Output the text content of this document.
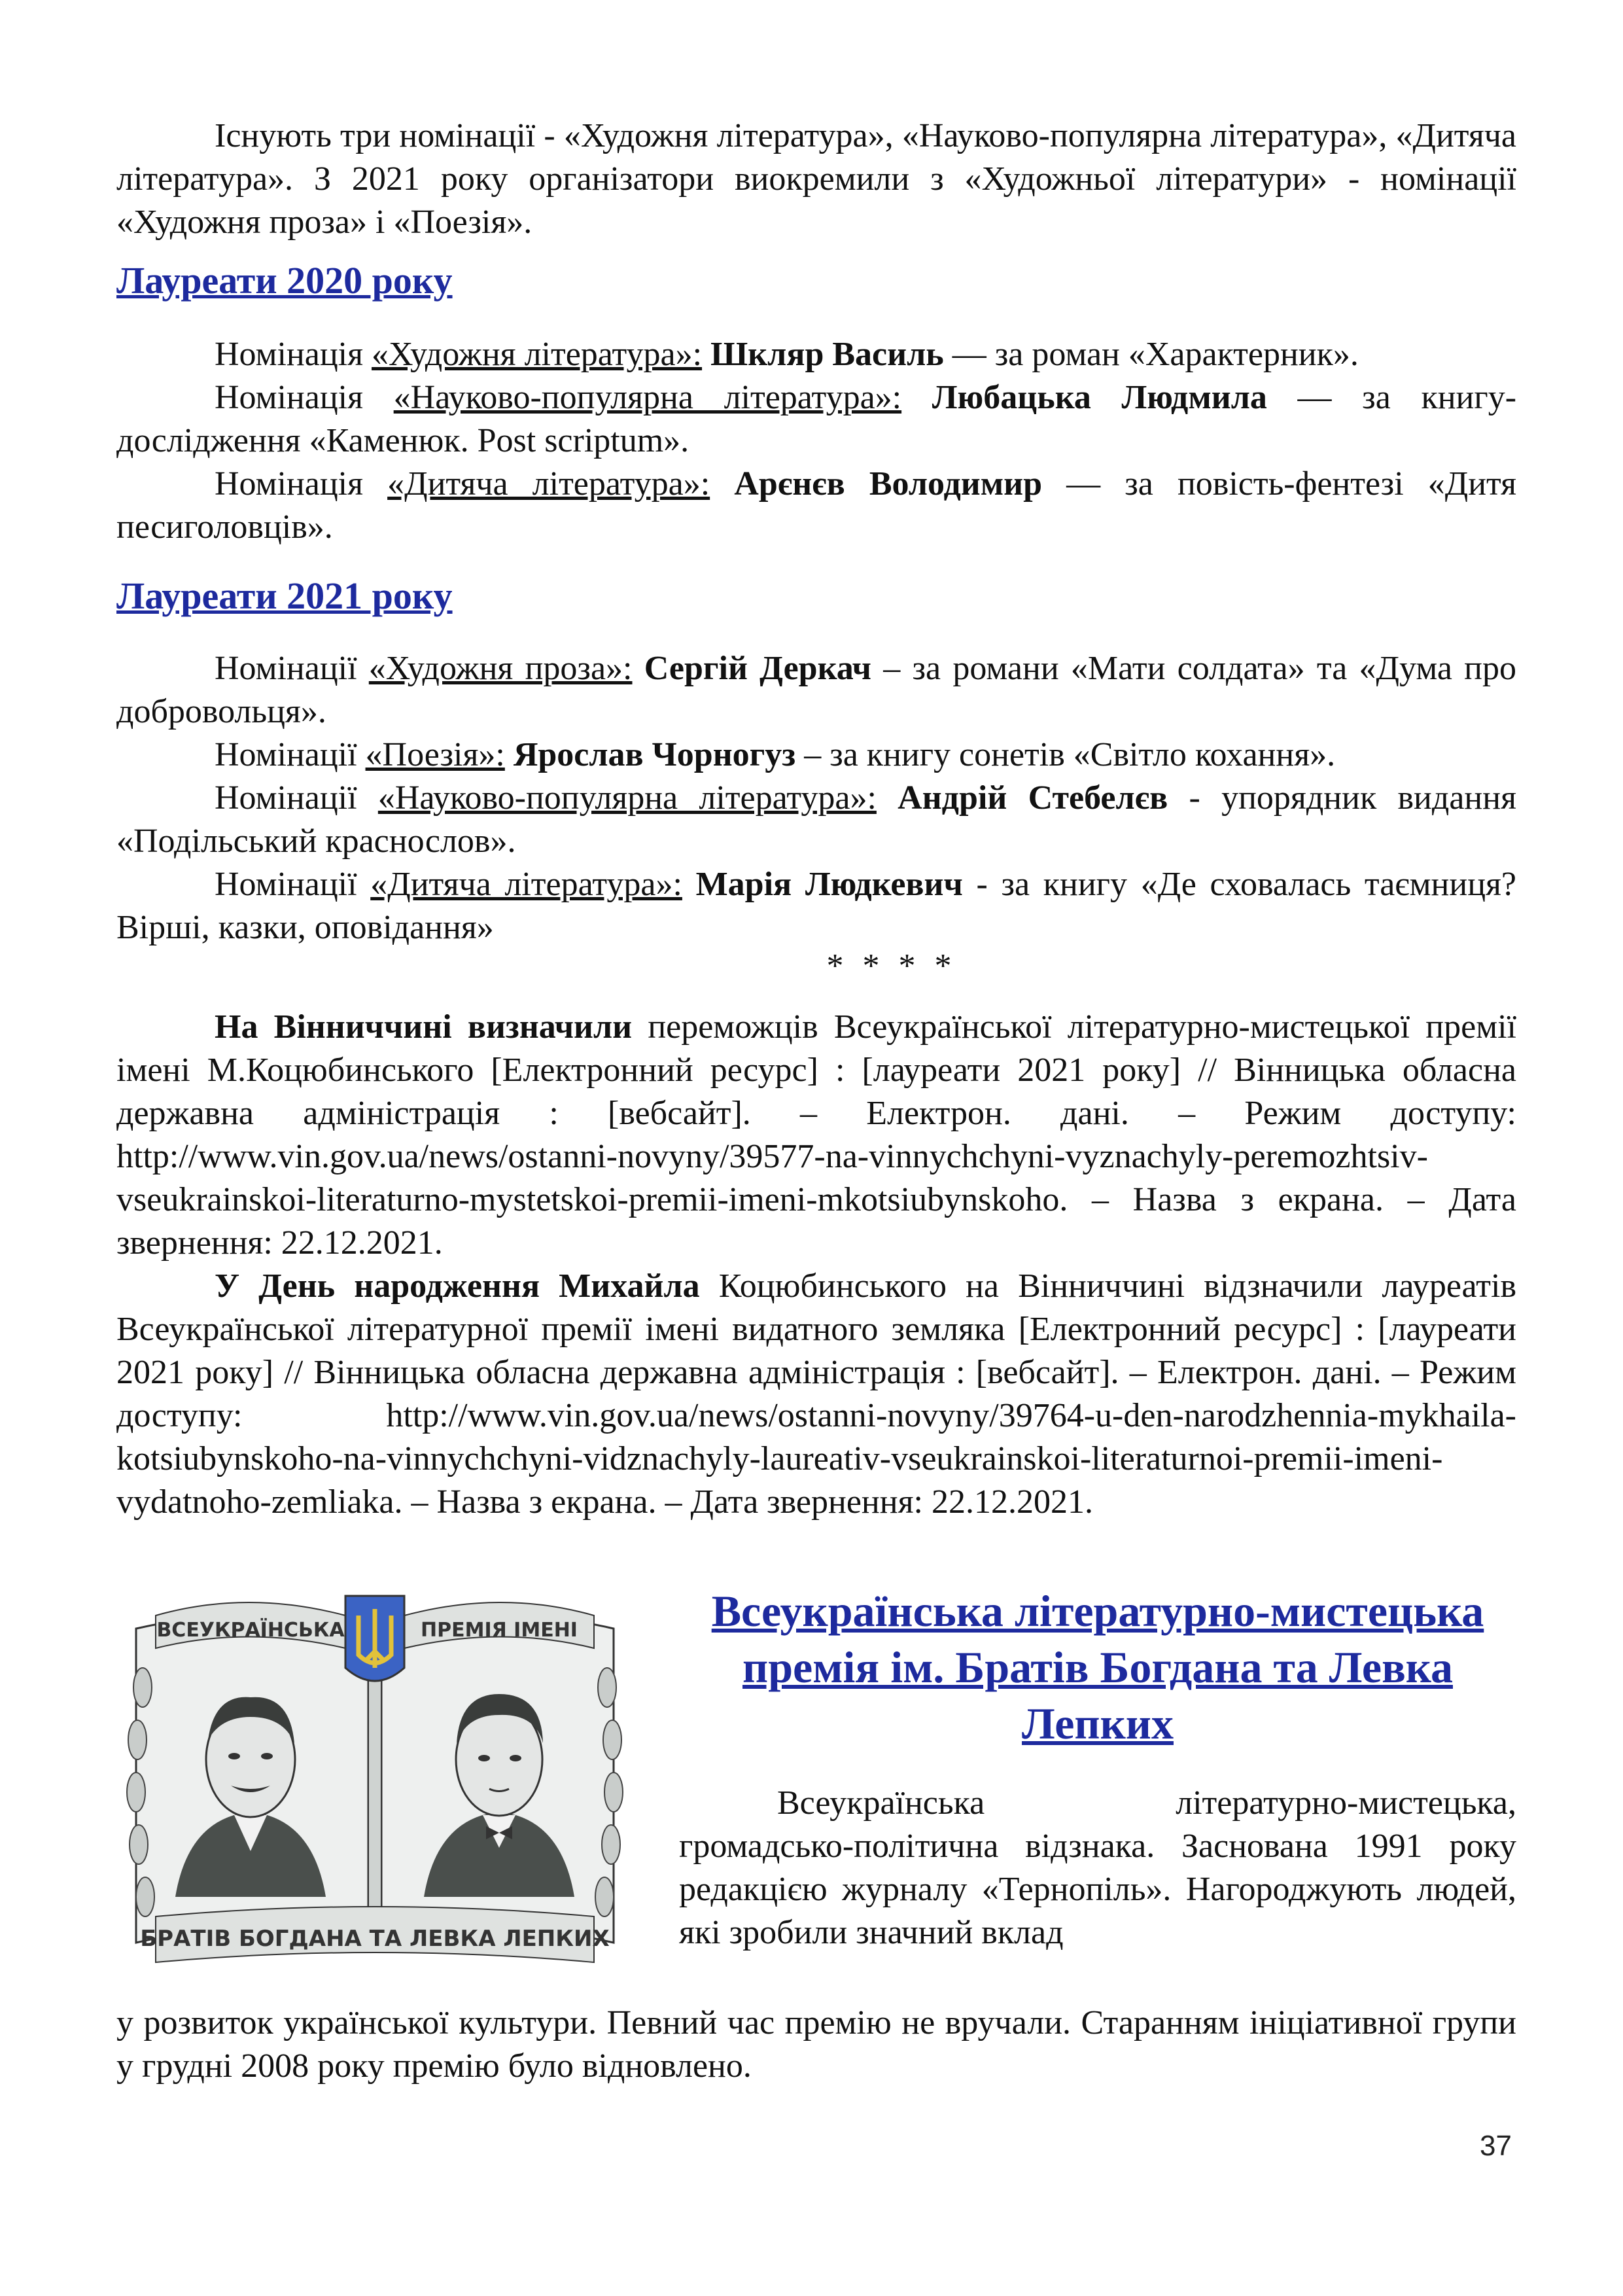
Існують три номінації - «Художня література», «Науково-популярна література», «Дитяча література». З 2021 року організатори виокремили з «Художньої літератури» - номінації «Художня проза» і «Поезія».

Лауреати 2020 року

Номінація «Художня література»: Шкляр Василь — за роман «Характерник».

Номінація «Науково-популярна література»: Любацька Людмила — за книгу-дослідження «Каменюк. Post scriptum».

Номінація «Дитяча література»: Арєнєв Володимир — за повість-фентезі «Дитя песиголовців».

Лауреати 2021 року

Номінації «Художня проза»: Сергій Деркач – за романи «Мати солдата» та «Дума про добровольця».

Номінації «Поезія»: Ярослав Чорногуз – за книгу сонетів «Світло кохання».

Номінації «Науково-популярна література»: Андрій Стебелєв - упорядник видання «Подільський краснослов».

Номінації «Дитяча література»: Марія Людкевич - за книгу «Де сховалась таємниця? Вірші, казки, оповідання»

* * * *

На Вінниччині визначили переможців Всеукраїнської літературно-мистецької премії імені М.Коцюбинського [Електронний ресурс] : [лауреати 2021 року] // Вінницька обласна державна адміністрація : [вебсайт]. – Електрон. дані. – Режим доступу: http://www.vin.gov.ua/news/ostanni-novyny/39577-na-vinnychchyni-vyznachyly-peremozhtsiv-vseukrainskoi-literaturno-mystetskoi-premii-imeni-mkotsiubynskoho. – Назва з екрана. – Дата звернення: 22.12.2021.

У День народження Михайла Коцюбинського на Вінниччині відзначили лауреатів Всеукраїнської літературної премії імені видатного земляка [Електронний ресурс] : [лауреати 2021 року] // Вінницька обласна державна адміністрація : [вебсайт]. – Електрон. дані. – Режим доступу: http://www.vin.gov.ua/news/ostanni-novyny/39764-u-den-narodzhennia-mykhaila-kotsiubynskoho-na-vinnychchyni-vidznachyly-laureativ-vseukrainskoi-literaturnoi-premii-imeni-vydatnoho-zemliaka. – Назва з екрана. – Дата звернення: 22.12.2021.

ВСЕУКРАЇНСЬКА	ПРЕМІЯ ІМЕНІ
БРАТІВ БОГДАНА ТА ЛЕВКА ЛЕПКИХ
Всеукраїнська літературно-мистецька премія ім. Братів Богдана та Левка Лепких

Всеукраїнська літературно-мистецька, громадсько-політична відзнака. Заснована 1991 року редакцією журналу «Тернопіль». Нагороджують людей, які зробили значний вклад

у розвиток української культури. Певний час премію не вручали. Старанням ініціативної групи у грудні 2008 року премію було відновлено.

37
